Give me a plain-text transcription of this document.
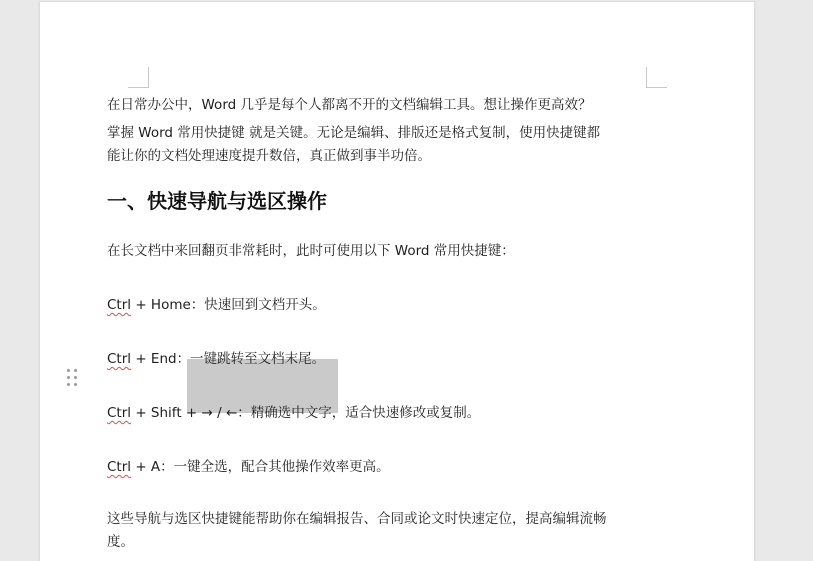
在日常办公中，Word 几乎是每个人都离不开的文档编辑工具。想让操作更高效？

掌握 Word 常用快捷键 就是关键。无论是编辑、排版还是格式复制，使用快捷键都能让你的文档处理速度提升数倍，真正做到事半功倍。

一、快速导航与选区操作

在长文档中来回翻页非常耗时，此时可使用以下 Word 常用快捷键：

Ctrl + Home：快速回到文档开头。

Ctrl + End：一键跳转至文档末尾。

Ctrl + Shift + → / ←：精确选中文字，适合快速修改或复制。

Ctrl + A：一键全选，配合其他操作效率更高。

这些导航与选区快捷键能帮助你在编辑报告、合同或论文时快速定位，提高编辑流畅度。
